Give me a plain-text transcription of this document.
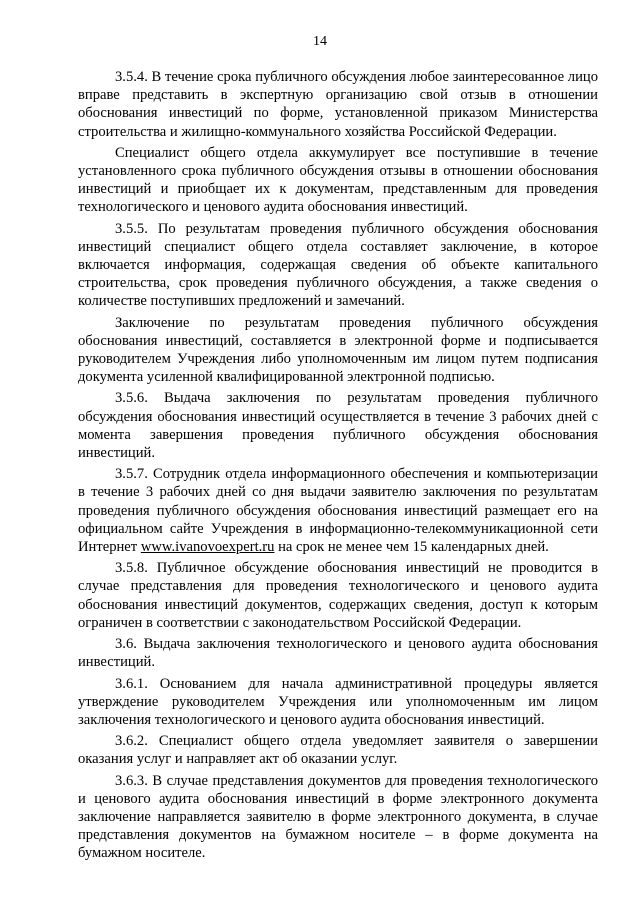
14

3.5.4. В течение срока публичного обсуждения любое заинтересованное лицо вправе представить в экспертную организацию свой отзыв в отношении обоснования инвестиций по форме, установленной приказом Министерства строительства и жилищно-коммунального хозяйства Российской Федерации.

Специалист общего отдела аккумулирует все поступившие в течение установленного срока публичного обсуждения отзывы в отношении обоснования инвестиций и приобщает их к документам, представленным для проведения технологического и ценового аудита обоснования инвестиций.

3.5.5. По результатам проведения публичного обсуждения обоснования инвестиций специалист общего отдела составляет заключение, в которое включается информация, содержащая сведения об объекте капитального строительства, срок проведения публичного обсуждения, а также сведения о количестве поступивших предложений и замечаний.

Заключение по результатам проведения публичного обсуждения обоснования инвестиций, составляется в электронной форме и подписывается руководителем Учреждения либо уполномоченным им лицом путем подписания документа усиленной квалифицированной электронной подписью.

3.5.6. Выдача заключения по результатам проведения публичного обсуждения обоснования инвестиций осуществляется в течение 3 рабочих дней с момента завершения проведения публичного обсуждения обоснования инвестиций.

3.5.7. Сотрудник отдела информационного обеспечения и компьютеризации в течение 3 рабочих дней со дня выдачи заявителю заключения по результатам проведения публичного обсуждения обоснования инвестиций размещает его на официальном сайте Учреждения в информационно-телекоммуникационной сети Интернет www.ivanovoexpert.ru на срок не менее чем 15 календарных дней.

3.5.8. Публичное обсуждение обоснования инвестиций не проводится в случае представления для проведения технологического и ценового аудита обоснования инвестиций документов, содержащих сведения, доступ к которым ограничен в соответствии с законодательством Российской Федерации.

3.6. Выдача заключения технологического и ценового аудита обоснования инвестиций.

3.6.1. Основанием для начала административной процедуры является утверждение руководителем Учреждения или уполномоченным им лицом заключения технологического и ценового аудита обоснования инвестиций.

3.6.2. Специалист общего отдела уведомляет заявителя о завершении оказания услуг и направляет акт об оказании услуг.

3.6.3. В случае представления документов для проведения технологического и ценового аудита обоснования инвестиций в форме электронного документа заключение направляется заявителю в форме электронного документа, в случае представления документов на бумажном носителе – в форме документа на бумажном носителе.
